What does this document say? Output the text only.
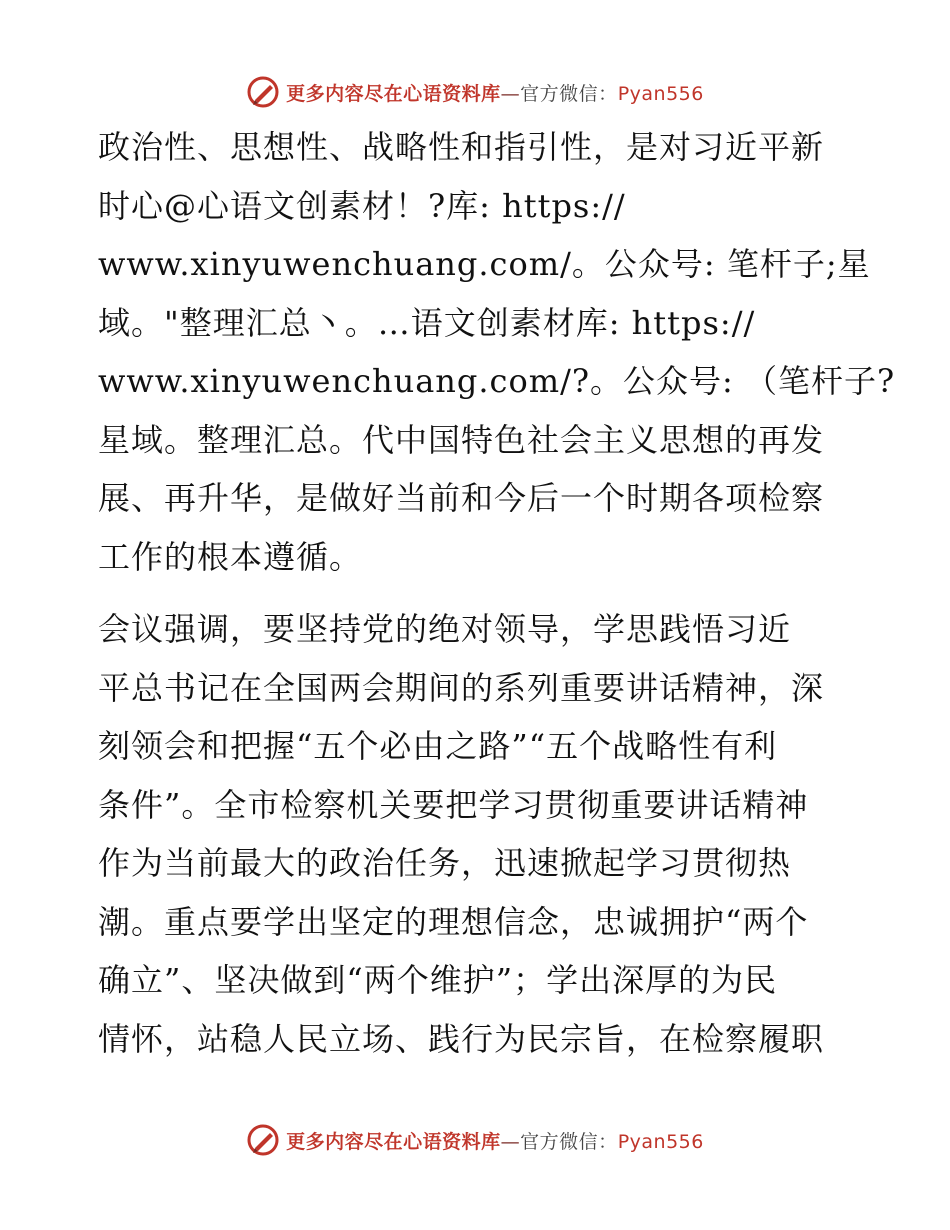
更多内容尽在心语资料库—官方微信：Pyan556
政治性、思想性、战略性和指引性，是对习近平新
时心@心语文创素材！?库: https://
www.xinyuwenchuang.com/。公众号: 笔杆子;星
域。"整理汇总丶。…语文创素材库: https://
www.xinyuwenchuang.com/?。公众号: （笔杆子?
星域。整理汇总。代中国特色社会主义思想的再发
展、再升华，是做好当前和今后一个时期各项检察
工作的根本遵循。
会议强调，要坚持党的绝对领导，学思践悟习近
平总书记在全国两会期间的系列重要讲话精神，深
刻领会和把握“五个必由之路”“五个战略性有利
条件”。全市检察机关要把学习贯彻重要讲话精神
作为当前最大的政治任务，迅速掀起学习贯彻热
潮。重点要学出坚定的理想信念，忠诚拥护“两个
确立”、坚决做到“两个维护”；学出深厚的为民
情怀，站稳人民立场、践行为民宗旨，在检察履职
更多内容尽在心语资料库—官方微信：Pyan556
